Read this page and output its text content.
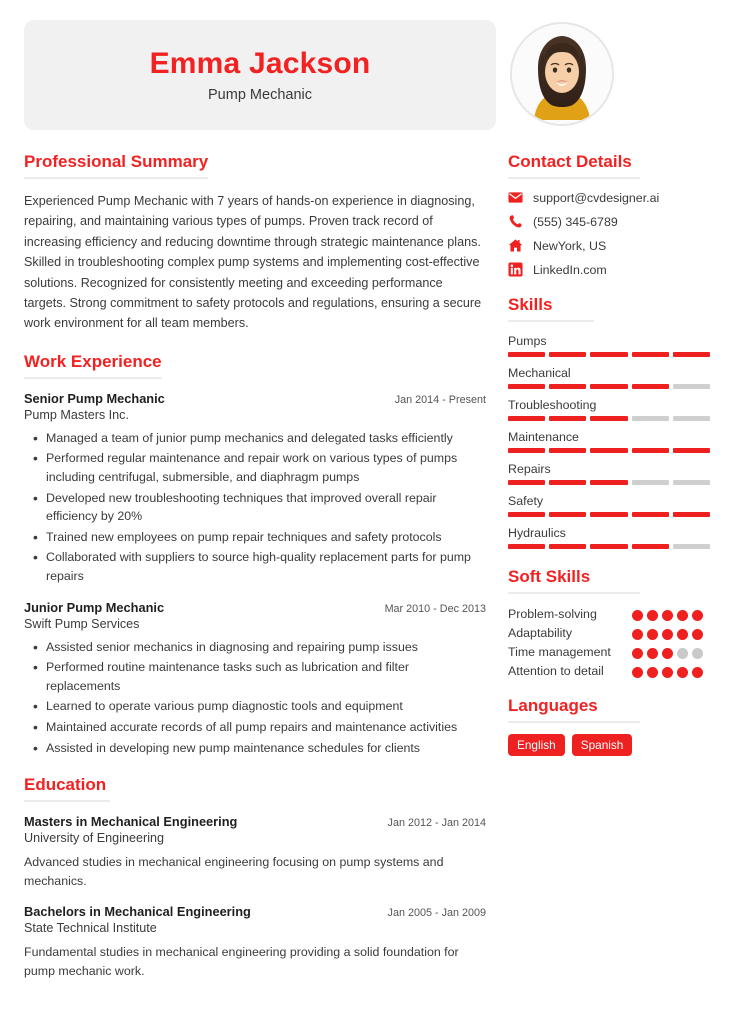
Emma Jackson
Pump Mechanic
Professional Summary
Experienced Pump Mechanic with 7 years of hands-on experience in diagnosing, repairing, and maintaining various types of pumps. Proven track record of increasing efficiency and reducing downtime through strategic maintenance plans. Skilled in troubleshooting complex pump systems and implementing cost-effective solutions. Recognized for consistently meeting and exceeding performance targets. Strong commitment to safety protocols and regulations, ensuring a secure work environment for all team members.
Work Experience
Senior Pump Mechanic	Jan 2014 - Present
Pump Masters Inc.
• Managed a team of junior pump mechanics and delegated tasks efficiently
• Performed regular maintenance and repair work on various types of pumps including centrifugal, submersible, and diaphragm pumps
• Developed new troubleshooting techniques that improved overall repair efficiency by 20%
• Trained new employees on pump repair techniques and safety protocols
• Collaborated with suppliers to source high-quality replacement parts for pump repairs
Junior Pump Mechanic	Mar 2010 - Dec 2013
Swift Pump Services
• Assisted senior mechanics in diagnosing and repairing pump issues
• Performed routine maintenance tasks such as lubrication and filter replacements
• Learned to operate various pump diagnostic tools and equipment
• Maintained accurate records of all pump repairs and maintenance activities
• Assisted in developing new pump maintenance schedules for clients
Education
Masters in Mechanical Engineering	Jan 2012 - Jan 2014
University of Engineering
Advanced studies in mechanical engineering focusing on pump systems and mechanics.
Bachelors in Mechanical Engineering	Jan 2005 - Jan 2009
State Technical Institute
Fundamental studies in mechanical engineering providing a solid foundation for pump mechanic work.
Contact Details
support@cvdesigner.ai
(555) 345-6789
NewYork, US
LinkedIn.com
Skills
Pumps
Mechanical
Troubleshooting
Maintenance
Repairs
Safety
Hydraulics
Soft Skills
Problem-solving
Adaptability
Time management
Attention to detail
Languages
English	Spanish
